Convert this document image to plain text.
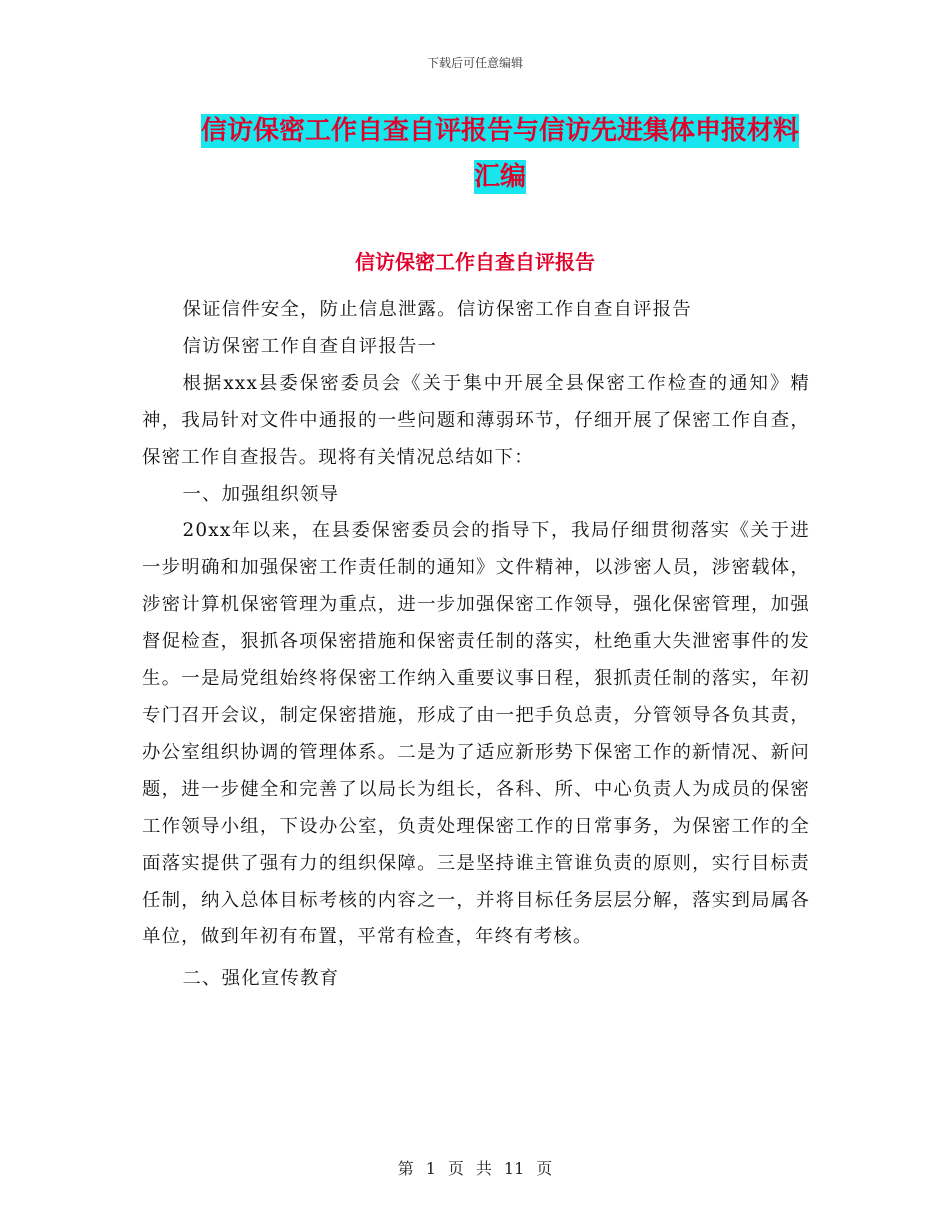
下载后可任意编辑
信访保密工作自查自评报告与信访先进集体申报材料
汇编
信访保密工作自查自评报告

保证信件安全，防止信息泄露。信访保密工作自查自评报告

信访保密工作自查自评报告一

根据xxx县委保密委员会《关于集中开展全县保密工作检查的通知》精神，我局针对文件中通报的一些问题和薄弱环节，仔细开展了保密工作自查，保密工作自查报告。现将有关情况总结如下：

一、加强组织领导

20xx年以来，在县委保密委员会的指导下，我局仔细贯彻落实《关于进一步明确和加强保密工作责任制的通知》文件精神，以涉密人员，涉密载体，涉密计算机保密管理为重点，进一步加强保密工作领导，强化保密管理，加强督促检查，狠抓各项保密措施和保密责任制的落实，杜绝重大失泄密事件的发生。一是局党组始终将保密工作纳入重要议事日程，狠抓责任制的落实，年初专门召开会议，制定保密措施，形成了由一把手负总责，分管领导各负其责，办公室组织协调的管理体系。二是为了适应新形势下保密工作的新情况、新问题，进一步健全和完善了以局长为组长，各科、所、中心负责人为成员的保密工作领导小组，下设办公室，负责处理保密工作的日常事务，为保密工作的全面落实提供了强有力的组织保障。三是坚持谁主管谁负责的原则，实行目标责任制，纳入总体目标考核的内容之一，并将目标任务层层分解，落实到局属各单位，做到年初有布置，平常有检查，年终有考核。

二、强化宣传教育

第 1 页 共 11 页
